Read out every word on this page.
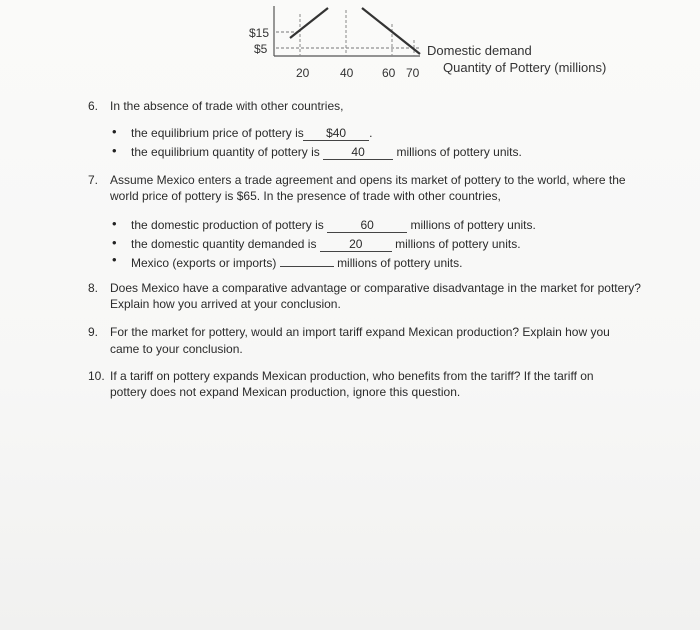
$15
$5
20	40 60 70
Domestic demand
Quantity of Pottery (millions)
6. In the absence of trade with other countries,
• the equilibrium price of pottery is $40 .
• the equilibrium quantity of pottery is	40	millions of pottery units.
7. Assume Mexico enters a trade agreement and opens its market of pottery to the world, where the
world price of pottery is $65. In the presence of trade with other countries,
• the domestic production of pottery is	60	millions of pottery units.
• the domestic quantity demanded is	20	millions of pottery units.
• Mexico (exports or imports)	millions of pottery units.
8. Does Mexico have a comparative advantage or comparative disadvantage in the market for pottery?
Explain how you arrived at your conclusion.
9. For the market for pottery, would an import tariff expand Mexican production? Explain how you
came to your conclusion.
10. If a tariff on pottery expands Mexican production, who benefits from the tariff? If the tariff on
pottery does not expand Mexican production, ignore this question.
